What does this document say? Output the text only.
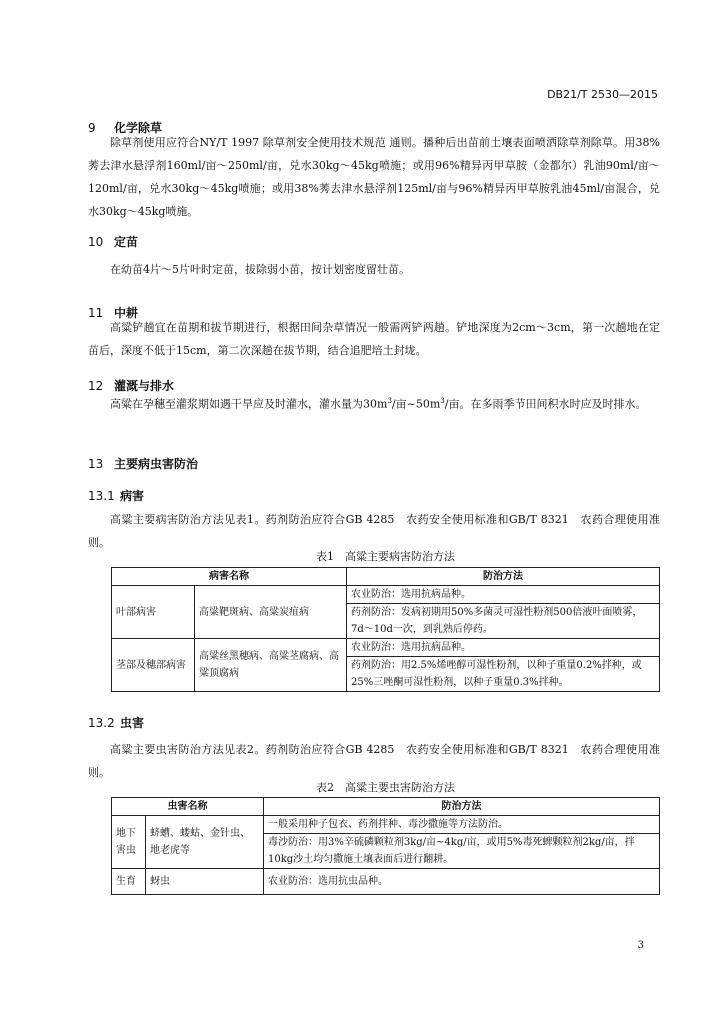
DB21/T 2530—2015
9 化学除草
除草剂使用应符合NY/T 1997 除草剂安全使用技术规范 通则。播种后出苗前土壤表面喷洒除草剂除草。用38%莠去津水悬浮剂160ml/亩～250ml/亩，兑水30kg～45kg喷施；或用96%精异丙甲草胺（金都尔）乳油90ml/亩～120ml/亩，兑水30kg～45kg喷施；或用38%莠去津水悬浮剂125ml/亩与96%精异丙甲草胺乳油45ml/亩混合，兑水30kg～45kg喷施。
10 定苗
在幼苗4片～5片叶时定苗，拔除弱小苗，按计划密度留壮苗。
11 中耕
高粱铲趟宜在苗期和拔节期进行，根据田间杂草情况一般需两铲两趟。铲地深度为2cm～3cm，第一次趟地在定苗后，深度不低于15cm，第二次深趟在拔节期，结合追肥培土封垅。
12 灌溉与排水
高粱在孕穗至灌浆期如遇干旱应及时灌水，灌水量为$30m^3/$亩$\sim 50m^3/$亩。在多雨季节田间积水时应及时排水。
13 主要病虫害防治
13.1 病害
高粱主要病害防治方法见表1。药剂防治应符合GB 4285　农药安全使用标准和GB/T 8321　农药合理使用准则。
表1　高粱主要病害防治方法
病害名称		防治方法
叶部病害	高粱靶斑病、高粱炭疽病	农业防治：选用抗病品种。
		药剂防治：发病初期用50%多菌灵可湿性粉剂500倍液叶面喷雾，7d～10d一次，到乳熟后停药。
茎部及穗部病害	高粱丝黑穗病、高粱茎腐病、高粱顶腐病	农业防治：选用抗病品种。
		药剂防治：用2.5%烯唑醇可湿性粉剂，以种子重量0.2%拌种，或25%三唑酮可湿性粉剂，以种子重量0.3%拌种。
13.2 虫害
高粱主要虫害防治方法见表2。药剂防治应符合GB 4285　农药安全使用标准和GB/T 8321　农药合理使用准则。
表2　高粱主要虫害防治方法
虫害名称		防治方法
地下害虫	蛴螬、蝼蛄、金针虫、地老虎等	一般采用种子包衣、药剂拌种、毒沙撒施等方法防治。
		毒沙防治：用3%辛硫磷颗粒剂3kg/亩~4kg/亩，或用5%毒死蜱颗粒剂2kg/亩，拌10kg沙土均匀撒施土壤表面后进行翻耕。
生育	蚜虫	农业防治：选用抗虫品种。
3
